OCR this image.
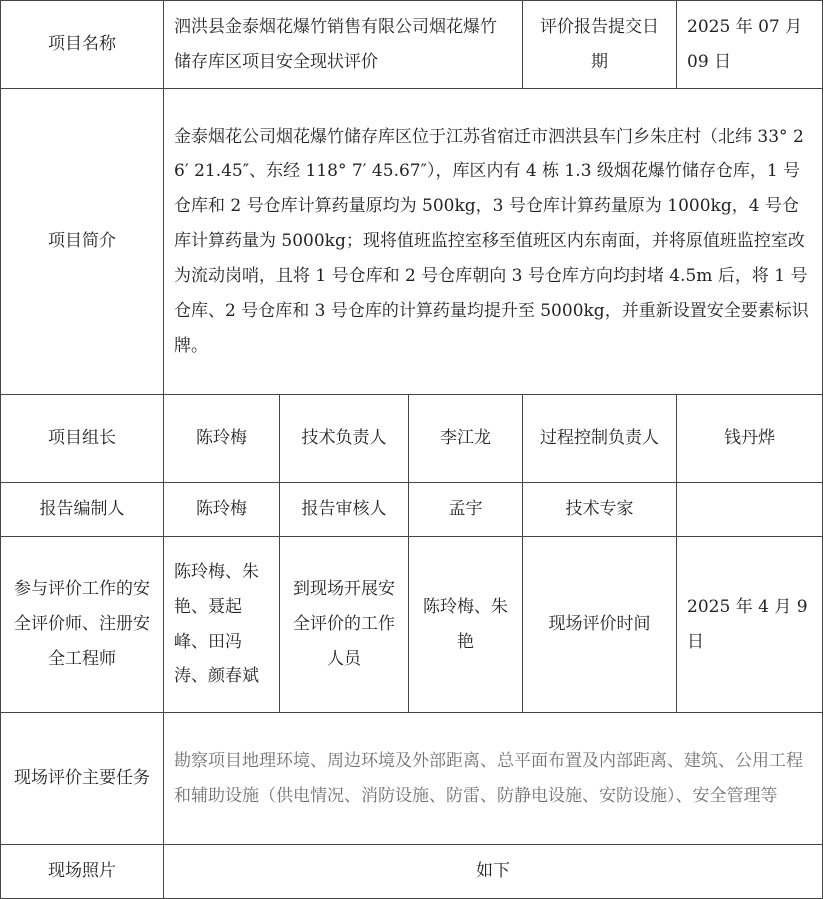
项目名称	泗洪县金泰烟花爆竹销售有限公司烟花爆竹储存库区项目安全现状评价			评价报告提交日期	2025 年 07 月 09 日
项目简介	金泰烟花公司烟花爆竹储存库区位于江苏省宿迁市泗洪县车门乡朱庄村（北纬 33° 26′ 21.45″、东经 118° 7′ 45.67″），库区内有 4 栋 1.3 级烟花爆竹储存仓库，1 号仓库和 2 号仓库计算药量原均为 500kg，3 号仓库计算药量原为 1000kg，4 号仓库计算药量为 5000kg；现将值班监控室移至值班区内东南面，并将原值班监控室改为流动岗哨，且将 1 号仓库和 2 号仓库朝向 3 号仓库方向均封堵 4.5m 后，将 1 号仓库、2 号仓库和 3 号仓库的计算药量均提升至 5000kg，并重新设置安全要素标识牌。				
项目组长	陈玲梅	技术负责人	李江龙	过程控制负责人	钱丹烨
报告编制人	陈玲梅	报告审核人	孟宇	技术专家	
参与评价工作的安全评价师、注册安全工程师	陈玲梅、朱艳、聂起峰、田冯涛、颜春斌	到现场开展安全评价的工作人员	陈玲梅、朱艳	现场评价时间	2025 年 4 月 9 日
现场评价主要任务	勘察项目地理环境、周边环境及外部距离、总平面布置及内部距离、建筑、公用工程和辅助设施（供电情况、消防设施、防雷、防静电设施、安防设施）、安全管理等				
现场照片	如下				
